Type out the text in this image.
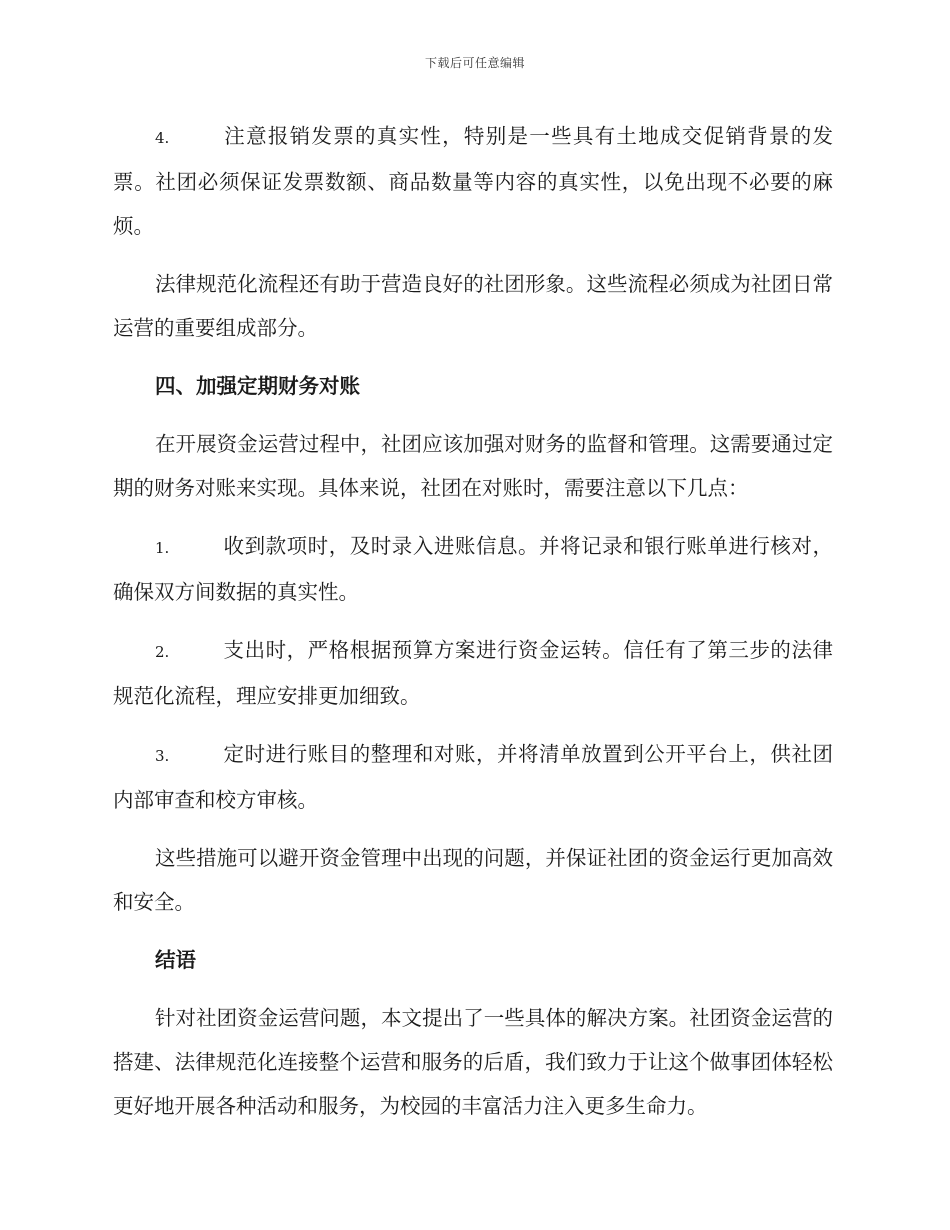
下载后可任意编辑

4.	注意报销发票的真实性，特别是一些具有土地成交促销背景的发票。社团必须保证发票数额、商品数量等内容的真实性，以免出现不必要的麻烦。

法律规范化流程还有助于营造良好的社团形象。这些流程必须成为社团日常运营的重要组成部分。

四、加强定期财务对账

在开展资金运营过程中，社团应该加强对财务的监督和管理。这需要通过定期的财务对账来实现。具体来说，社团在对账时，需要注意以下几点：

1.	收到款项时，及时录入进账信息。并将记录和银行账单进行核对，确保双方间数据的真实性。

2.	支出时，严格根据预算方案进行资金运转。信任有了第三步的法律规范化流程，理应安排更加细致。

3.	定时进行账目的整理和对账，并将清单放置到公开平台上，供社团内部审查和校方审核。

这些措施可以避开资金管理中出现的问题，并保证社团的资金运行更加高效和安全。

结语

针对社团资金运营问题，本文提出了一些具体的解决方案。社团资金运营的搭建、法律规范化连接整个运营和服务的后盾，我们致力于让这个做事团体轻松更好地开展各种活动和服务，为校园的丰富活力注入更多生命力。
